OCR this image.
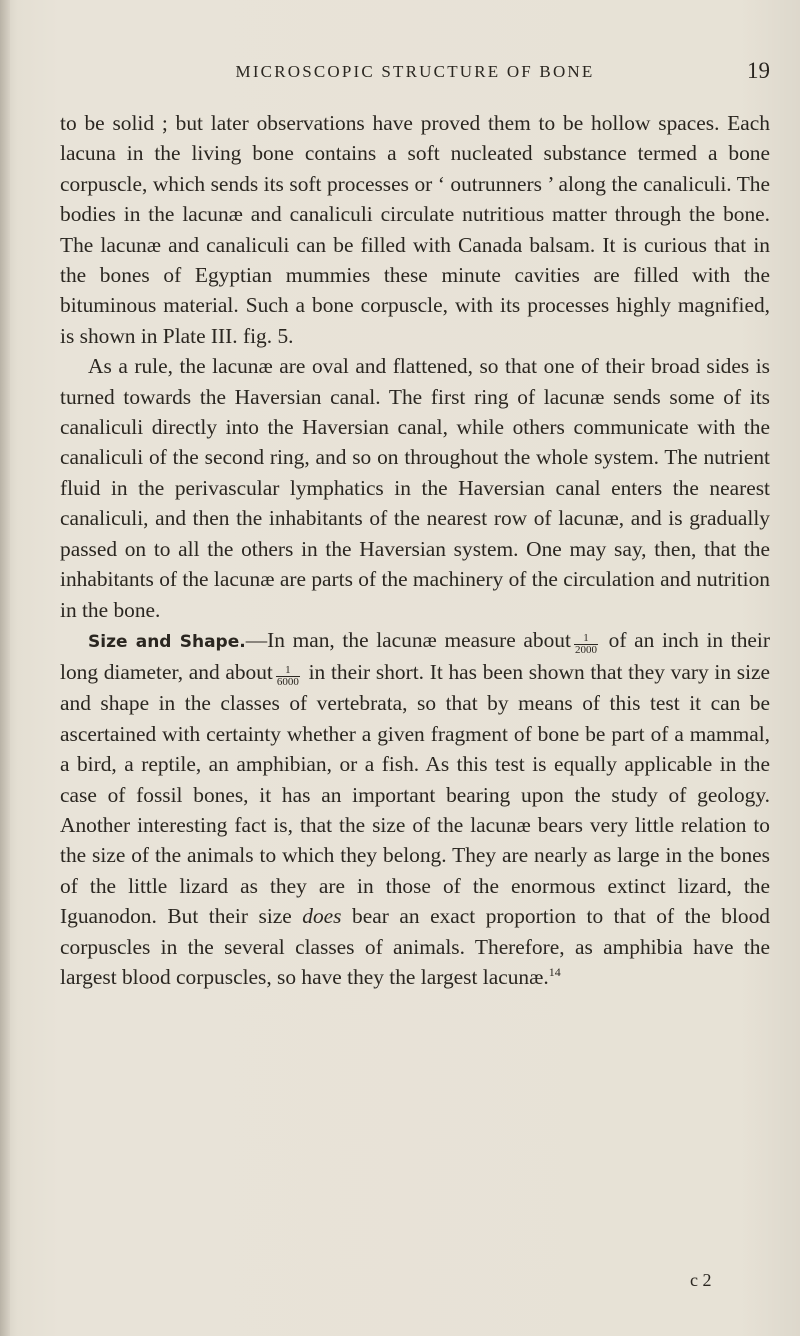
MICROSCOPIC STRUCTURE OF BONE	19

to be solid ; but later observations have proved them to be hollow spaces. Each lacuna in the living bone contains a soft nucleated substance termed a bone corpuscle, which sends its soft processes or ‘ outrunners ’ along the canaliculi. The bodies in the lacunæ and canaliculi circulate nutritious matter through the bone. The lacunæ and canaliculi can be filled with Canada balsam. It is curious that in the bones of Egyptian mummies these minute cavities are filled with the bituminous material. Such a bone corpuscle, with its processes highly magnified, is shown in Plate III. fig. 5.

As a rule, the lacunæ are oval and flattened, so that one of their broad sides is turned towards the Haversian canal. The first ring of lacunæ sends some of its canaliculi directly into the Haversian canal, while others communicate with the canaliculi of the second ring, and so on throughout the whole system. The nutrient fluid in the perivascular lymphatics in the Haversian canal enters the nearest canaliculi, and then the inhabitants of the nearest row of lacunæ, and is gradually passed on to all the others in the Haversian system. One may say, then, that the inhabitants of the lacunæ are parts of the machinery of the circulation and nutrition in the bone.

Size and Shape.—In man, the lacunæ measure about $\frac{1}{2000}$ of an inch in their long diameter, and about $\frac{1}{6000}$ in their short. It has been shown that they vary in size and shape in the classes of vertebrata, so that by means of this test it can be ascertained with certainty whether a given fragment of bone be part of a mammal, a bird, a reptile, an amphibian, or a fish. As this test is equally applicable in the case of fossil bones, it has an important bearing upon the study of geology. Another interesting fact is, that the size of the lacunæ bears very little relation to the size of the animals to which they belong. They are nearly as large in the bones of the little lizard as they are in those of the enormous extinct lizard, the Iguanodon. But their size does bear an exact proportion to that of the blood corpuscles in the several classes of animals. Therefore, as amphibia have the largest blood corpuscles, so have they the largest lacunæ.$^{14}$

c 2
